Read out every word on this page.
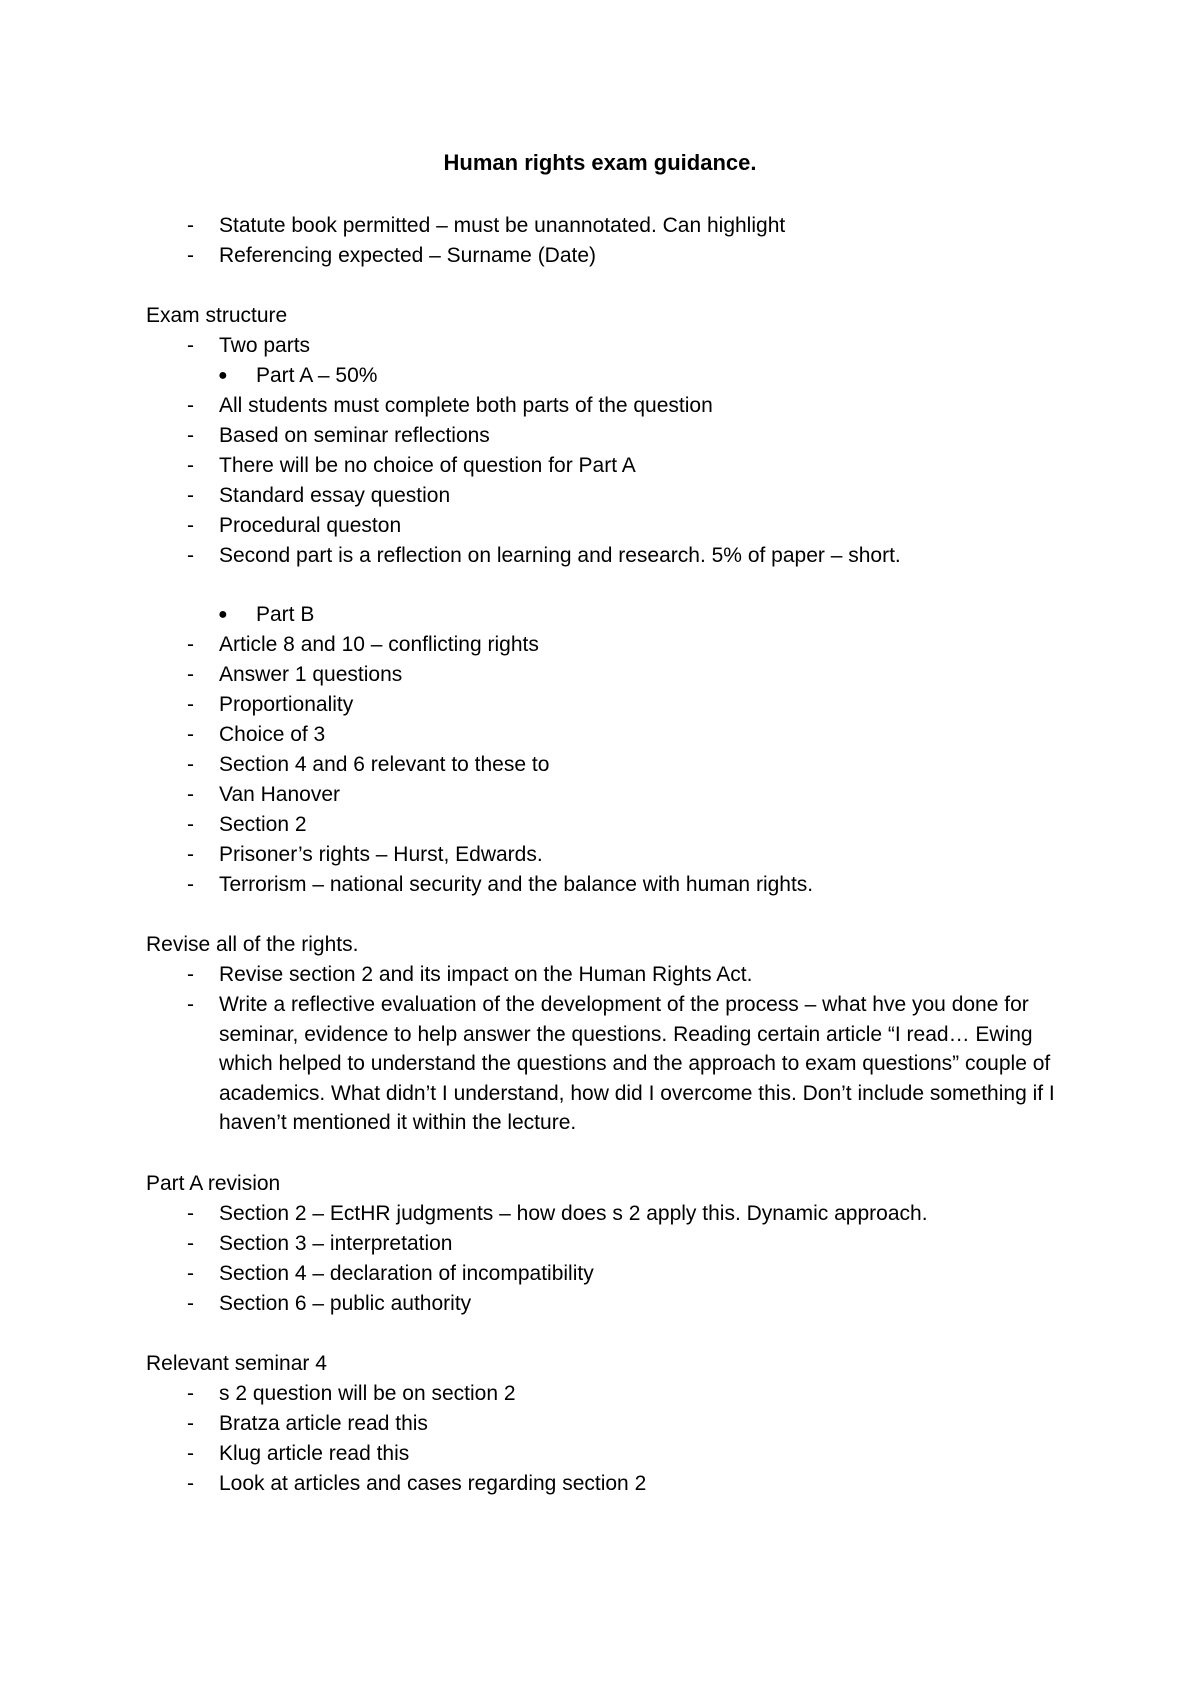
Human rights exam guidance.
-	Statute book permitted – must be unannotated. Can highlight
-	Referencing expected – Surname (Date)
Exam structure
-	Two parts
●	Part A – 50%
-	All students must complete both parts of the question
-	Based on seminar reflections
-	There will be no choice of question for Part A
-	Standard essay question
-	Procedural queston
-	Second part is a reflection on learning and research. 5% of paper – short.
●	Part B
-	Article 8 and 10 – conflicting rights
-	Answer 1 questions
-	Proportionality
-	Choice of 3
-	Section 4 and 6 relevant to these to
-	Van Hanover
-	Section 2
-	Prisoner’s rights – Hurst, Edwards.
-	Terrorism – national security and the balance with human rights.
Revise all of the rights.
-	Revise section 2 and its impact on the Human Rights Act.
- Write a reflective evaluation of the development of the process – what hve you done for seminar, evidence to help answer the questions. Reading certain article “I read… Ewing which helped to understand the questions and the approach to exam questions” couple of academics. What didn’t I understand, how did I overcome this. Don’t include something if I haven’t mentioned it within the lecture.
Part A revision
-	Section 2 – EctHR judgments – how does s 2 apply this. Dynamic approach.
-	Section 3 – interpretation
-	Section 4 – declaration of incompatibility
-	Section 6 – public authority
Relevant seminar 4
-	s 2 question will be on section 2
-	Bratza article read this
-	Klug article read this
-	Look at articles and cases regarding section 2
